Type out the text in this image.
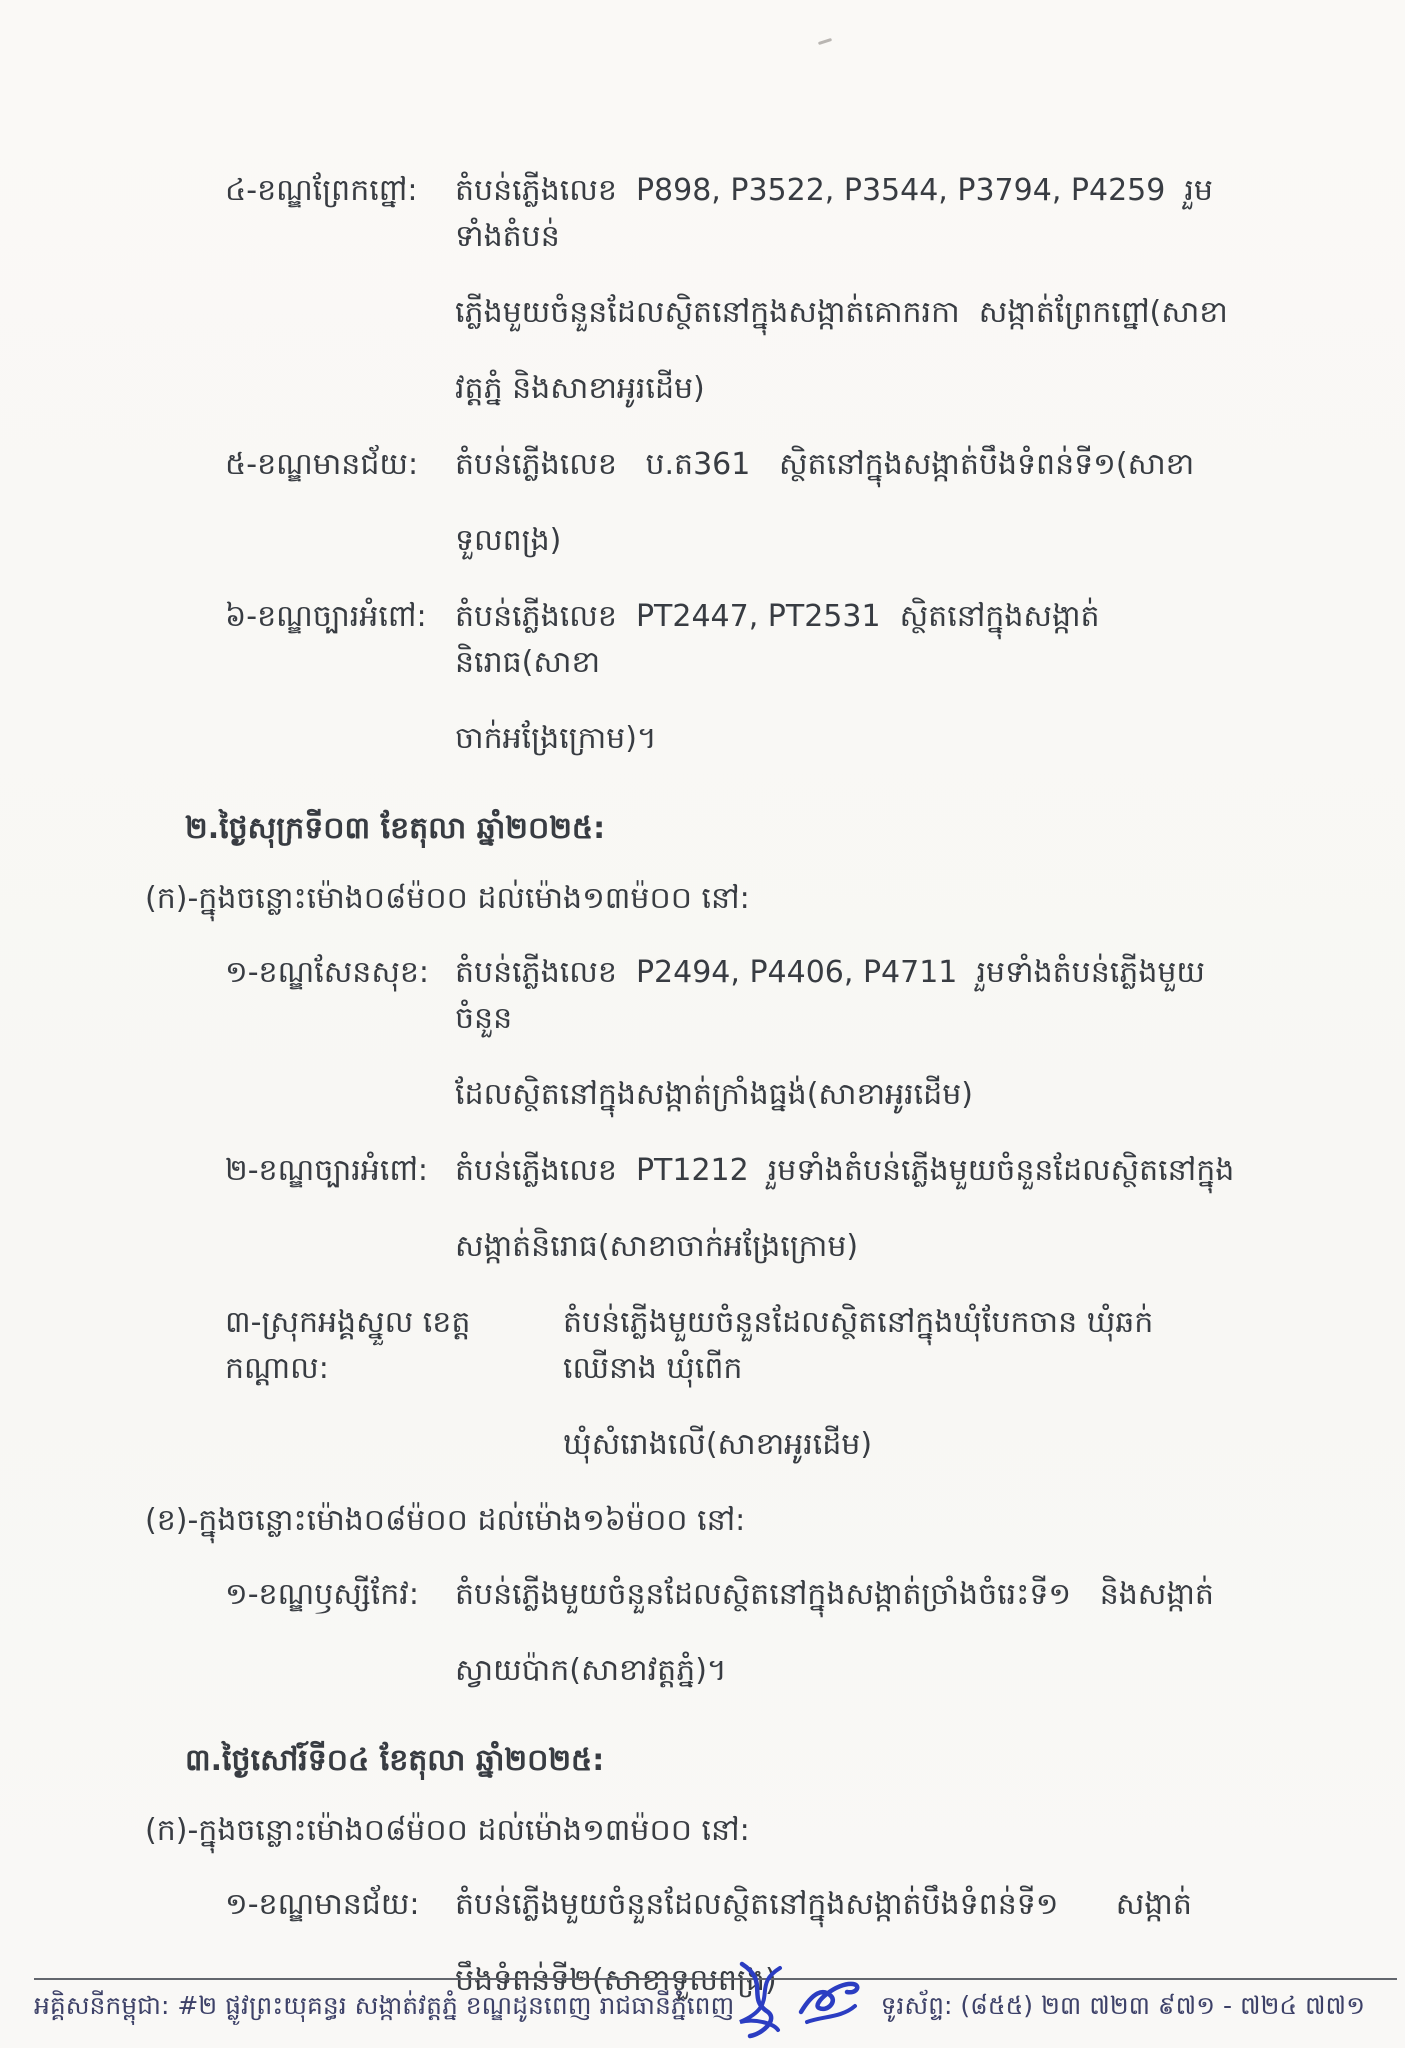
៤-ខណ្ឌព្រែកព្នៅ:	តំបន់ភ្លើងលេខ  P898, P3522, P3544, P3794, P4259  រួមទាំងតំបន់
ភ្លើងមួយចំនួនដែលស្ថិតនៅក្នុងសង្កាត់គោករកា  សង្កាត់ព្រែកព្នៅ(សាខា
វត្តភ្នំ និងសាខាអូរដើម)
៥-ខណ្ឌមានជ័យ:	តំបន់ភ្លើងលេខ   ប.ត361   ស្ថិតនៅក្នុងសង្កាត់បឹងទំពន់ទី១(សាខា
ទួលពង្រ)
៦-ខណ្ឌច្បារអំពៅ: តំបន់ភ្លើងលេខ  PT2447, PT2531  ស្ថិតនៅក្នុងសង្កាត់និរោធ(សាខា
ចាក់អង្រែក្រោម)។
២.ថ្ងៃសុក្រទី០៣ ខែតុលា ឆ្នាំ២០២៥:
(ក)-ក្នុងចន្លោះម៉ោង០៨ម៉០០ ដល់ម៉ោង១៣ម៉០០ នៅ:
១-ខណ្ឌសែនសុខ: តំបន់ភ្លើងលេខ  P2494, P4406, P4711  រួមទាំងតំបន់ភ្លើងមួយចំនួន
ដែលស្ថិតនៅក្នុងសង្កាត់ក្រាំងធ្នង់(សាខាអូរដើម)
២-ខណ្ឌច្បារអំពៅ: តំបន់ភ្លើងលេខ  PT1212  រួមទាំងតំបន់ភ្លើងមួយចំនួនដែលស្ថិតនៅក្នុង
សង្កាត់និរោធ(សាខាចាក់អង្រែក្រោម)
៣-ស្រុកអង្គស្នួល ខេត្តកណ្ដាល:
តំបន់ភ្លើងមួយចំនួនដែលស្ថិតនៅក្នុងឃុំបែកចាន ឃុំឆក់ឈើនាង ឃុំពើក
ឃុំសំរោងលើ(សាខាអូរដើម)
(ខ)-ក្នុងចន្លោះម៉ោង០៨ម៉០០ ដល់ម៉ោង១៦ម៉០០ នៅ:
១-ខណ្ឌឫស្សីកែវ:	តំបន់ភ្លើងមួយចំនួនដែលស្ថិតនៅក្នុងសង្កាត់ច្រាំងចំរេះទី១   និងសង្កាត់
ស្វាយប៉ាក(សាខាវត្តភ្នំ)។
៣.ថ្ងៃសៅរ៍ទី០៤ ខែតុលា ឆ្នាំ២០២៥:
(ក)-ក្នុងចន្លោះម៉ោង០៨ម៉០០ ដល់ម៉ោង១៣ម៉០០ នៅ:
១-ខណ្ឌមានជ័យ:	តំបន់ភ្លើងមួយចំនួនដែលស្ថិតនៅក្នុងសង្កាត់បឹងទំពន់ទី១      សង្កាត់
បឹងទំពន់ទី២(សាខាទួលពង្រ)
អគ្គិសនីកម្ពុជា: #២ ផ្លូវព្រះយុគន្ធរ សង្កាត់វត្តភ្នំ ខណ្ឌដូនពេញ រាជធានីភ្នំពេញ	ទូរស័ព្ទ: (៨៥៥) ២៣ ៧២៣ ៩៧១ - ៧២៤ ៧៧១
